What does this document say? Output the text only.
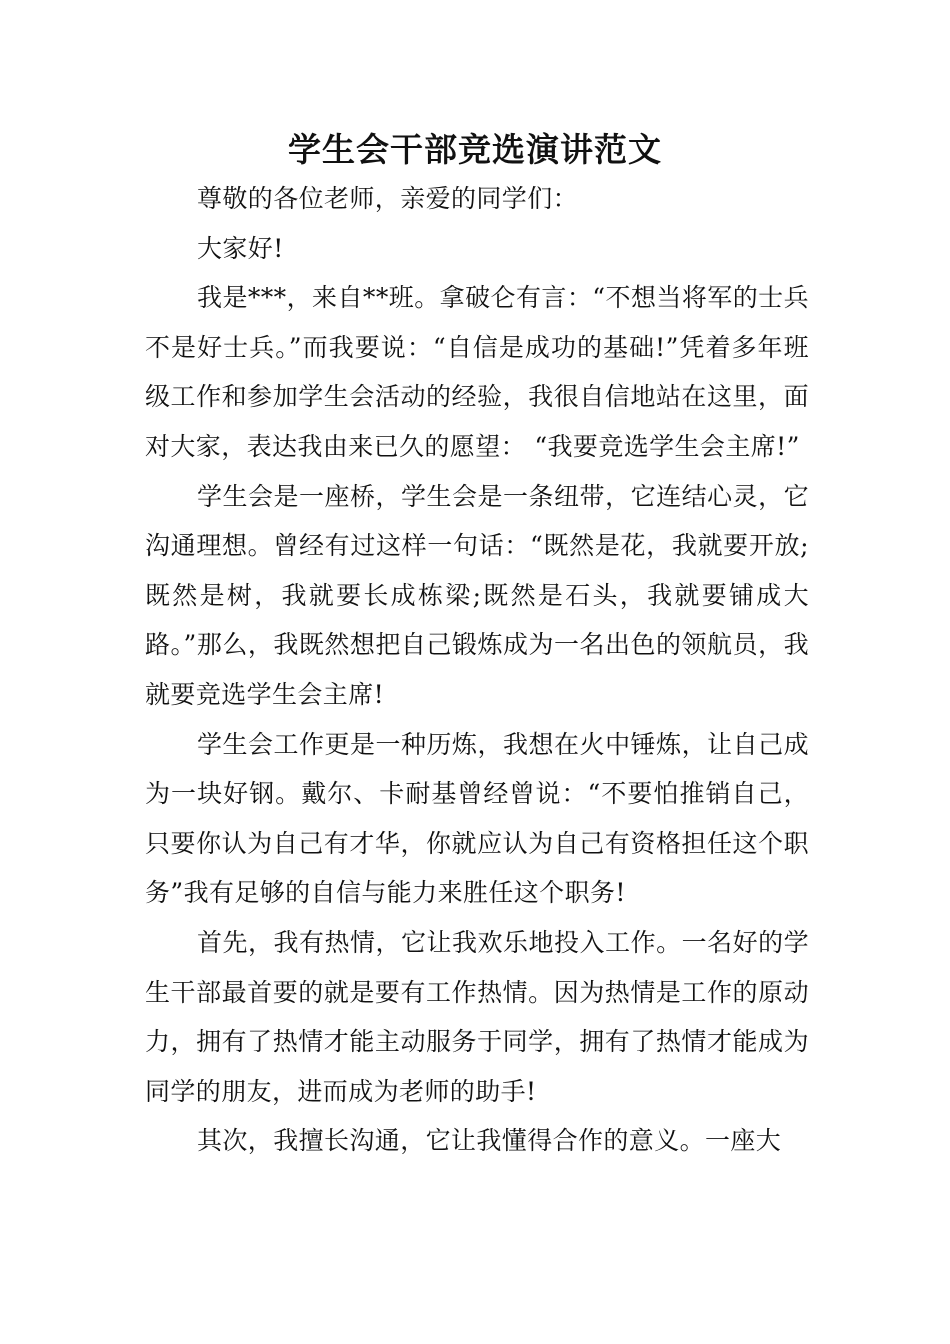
学生会干部竞选演讲范文

尊敬的各位老师，亲爱的同学们：

大家好!

我是***，来自**班。拿破仑有言：“不想当将军的士兵不是好士兵。”而我要说：“自信是成功的基础!”凭着多年班级工作和参加学生会活动的经验，我很自信地站在这里，面对大家，表达我由来已久的愿望： “我要竞选学生会主席!”

学生会是一座桥，学生会是一条纽带，它连结心灵，它沟通理想。曾经有过这样一句话：“既然是花，我就要开放;既然是树，我就要长成栋梁;既然是石头，我就要铺成大路。”那么，我既然想把自己锻炼成为一名出色的领航员，我就要竞选学生会主席!

学生会工作更是一种历炼，我想在火中锤炼，让自己成为一块好钢。戴尔、卡耐基曾经曾说：“不要怕推销自己，只要你认为自己有才华，你就应认为自己有资格担任这个职务”我有足够的自信与能力来胜任这个职务!

首先，我有热情，它让我欢乐地投入工作。一名好的学生干部最首要的就是要有工作热情。因为热情是工作的原动力，拥有了热情才能主动服务于同学，拥有了热情才能成为同学的朋友，进而成为老师的助手!

其次，我擅长沟通，它让我懂得合作的意义。一座大
